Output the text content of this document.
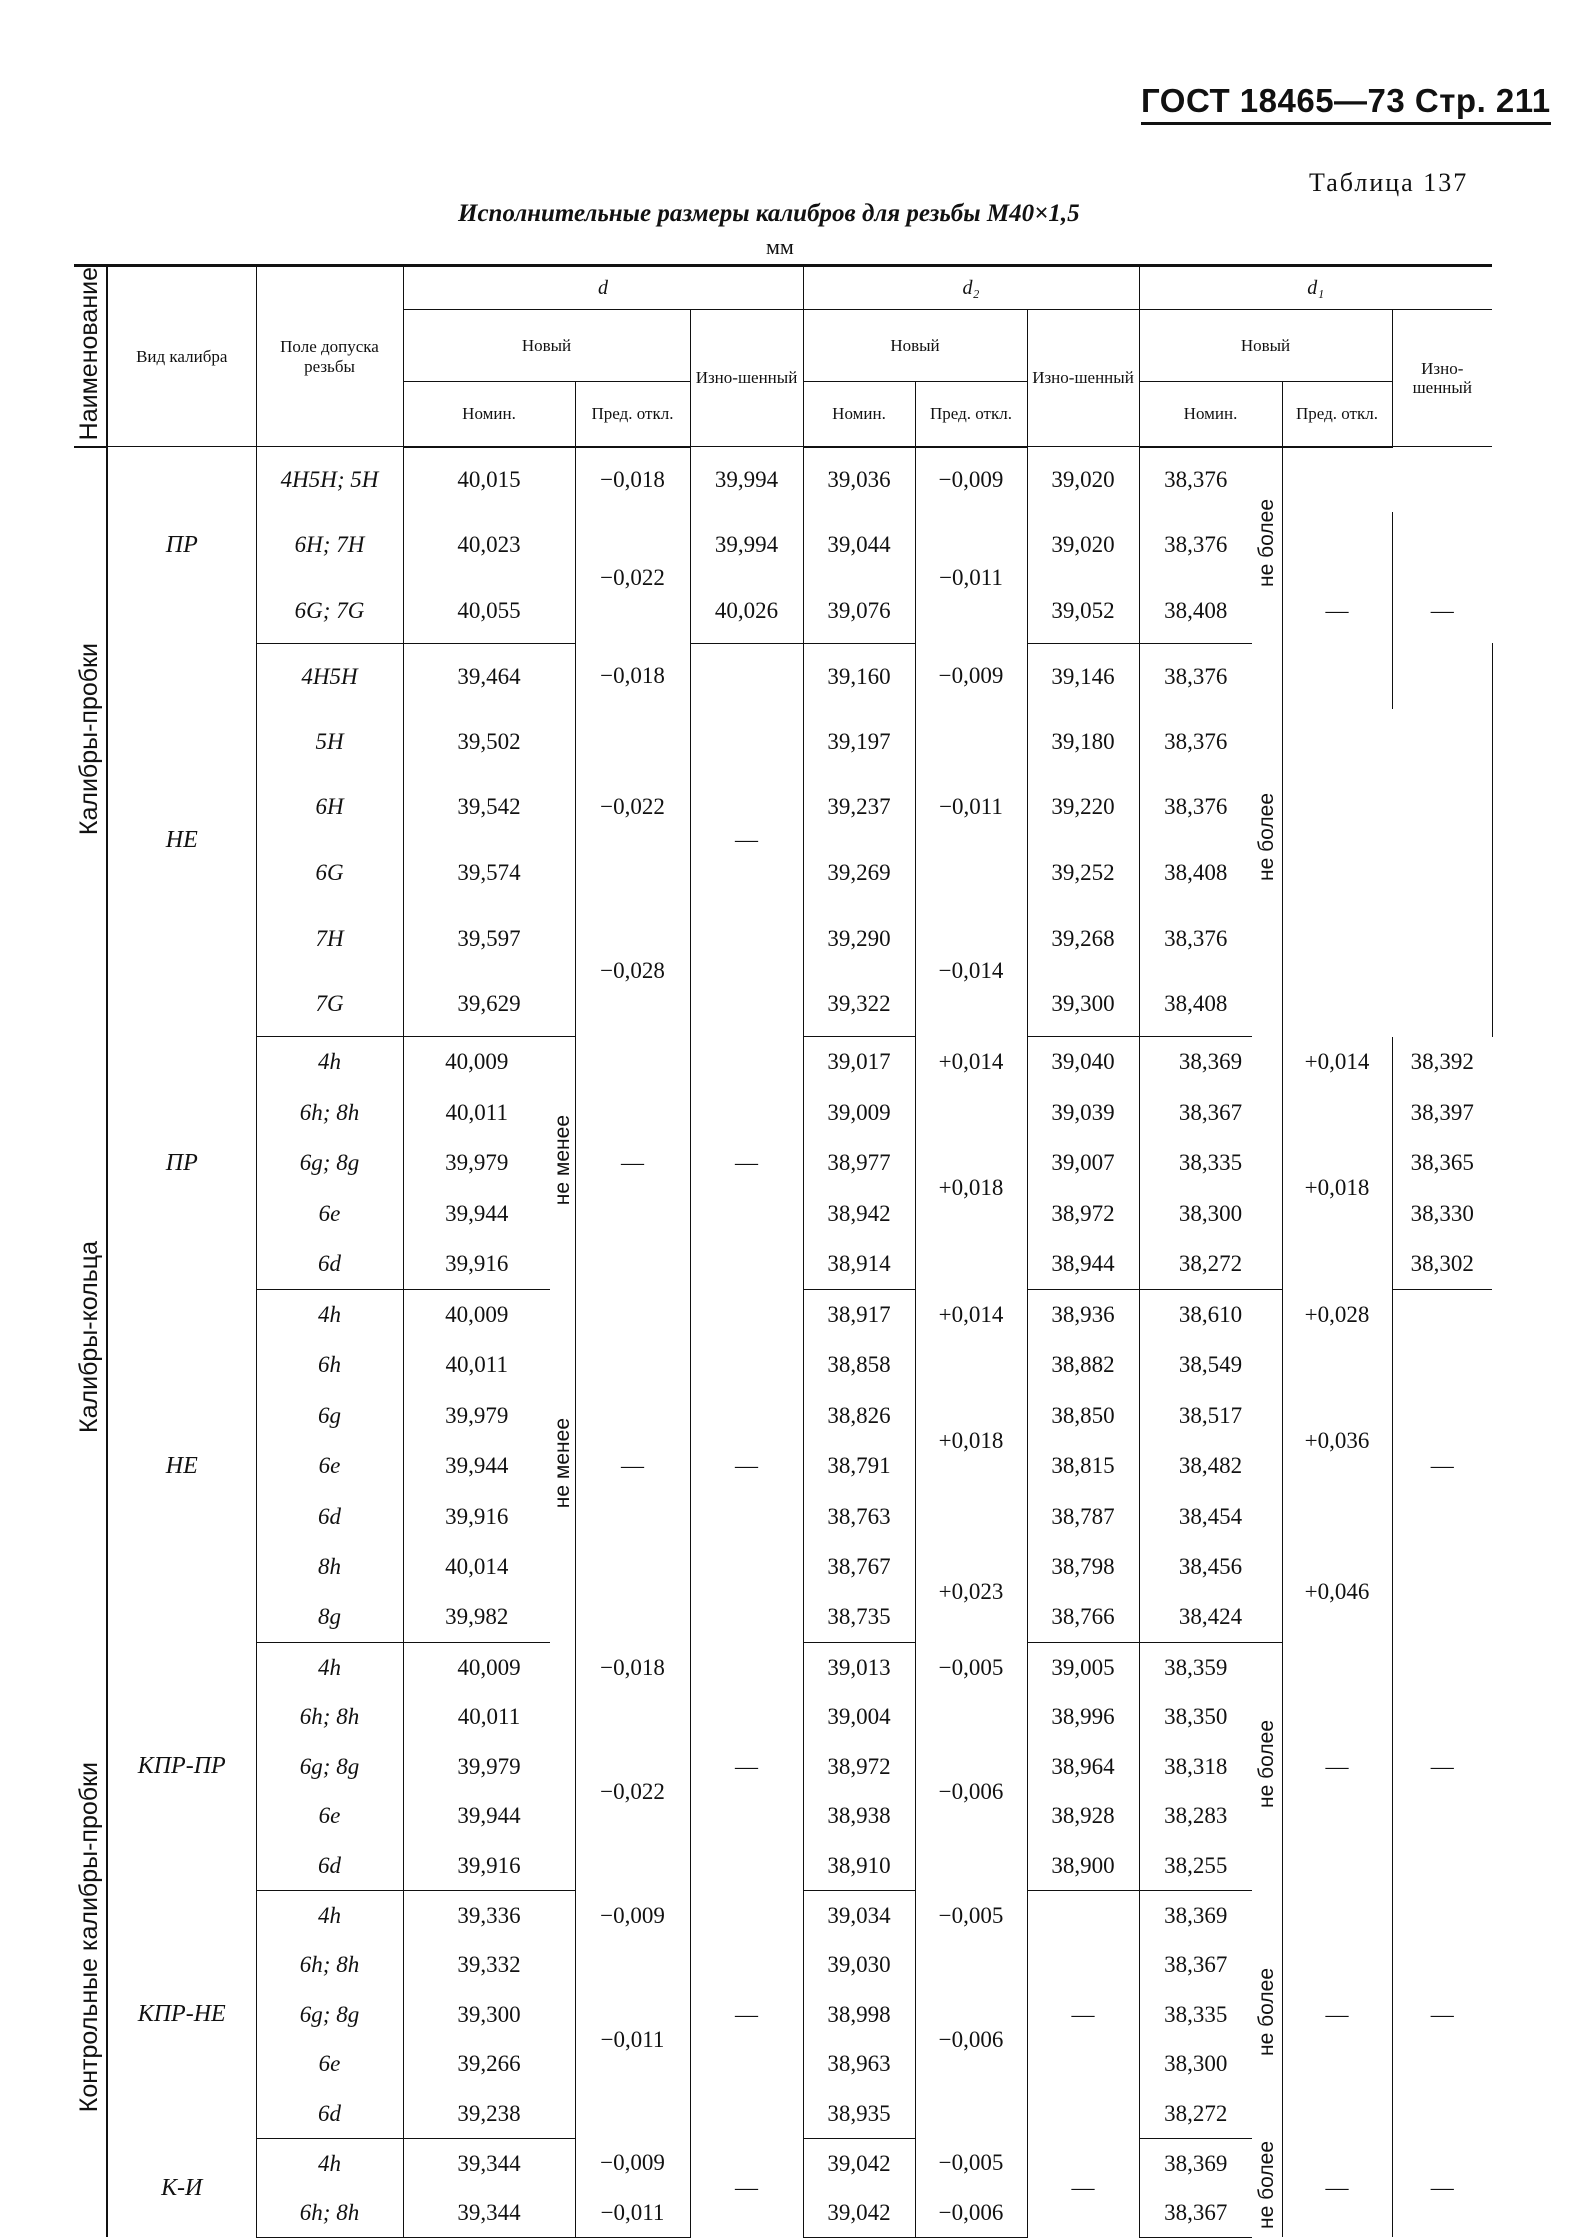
ГОСТ 18465—73 Стр. 211
Таблица 137
Исполнительные размеры калибров для резьбы М40×1,5
мм
Наименование	Вид калибра	Поле допуска резьбы	d				d₂			d₁				
			Новый			Изно-шенный	Новый		Изно-шенный	Новый			Изно-шенный	
			Номин.		Пред. откл.		Номин.	Пред. откл.		Номин.		Пред. откл.		
Калибры-пробки	ПР	4H5H; 5H	40,015		−0,018	39,994	39,036	−0,009	39,020	38,376	не более			
		6H; 7H	40,023		−0,022	39,994	39,044	−0,011	39,020	38,376		—	—	
		6G; 7G	40,055			40,026	39,076		39,052	38,408				
	НЕ	4H5H	39,464		−0,018	—	39,160	−0,009	39,146	38,376	не более		
		5H	39,502		−0,022		39,197	−0,011	39,180	38,376				
		6H	39,542				39,237		39,220	38,376				
		6G	39,574				39,269		39,252	38,408				
		7H	39,597		−0,028		39,290	−0,014	39,268	38,376				
		7G	39,629				39,322		39,300	38,408				
Калибры-кольца	ПР	4h	40,009	не менее	—	—	39,017	+0,014	39,040	38,369		+0,014	38,392	
		6h; 8h	40,011				39,009	+0,018	39,039	38,367		+0,018	38,397	
		6g; 8g	39,979				38,977		39,007	38,335			38,365	
		6e	39,944				38,942		38,972	38,300			38,330	
		6d	39,916				38,914		38,944	38,272			38,302	
	НЕ	4h	40,009	не менее	—	—	38,917	+0,014	38,936	38,610		+0,028	—	
		6h	40,011				38,858	+0,018	38,882	38,549		+0,036		
		6g	39,979				38,826		38,850	38,517				
		6e	39,944				38,791		38,815	38,482				
		6d	39,916				38,763		38,787	38,454				
		8h	40,014				38,767	+0,023	38,798	38,456		+0,046		
		8g	39,982				38,735		38,766	38,424				
Контрольные калибры-пробки	КПР-ПР	4h	40,009		−0,018	—	39,013	−0,005	39,005	38,359	не более	—	—	
		6h; 8h	40,011		−0,022		39,004	−0,006	38,996	38,350				
		6g; 8g	39,979				38,972		38,964	38,318				
		6e	39,944				38,938		38,928	38,283				
		6d	39,916				38,910		38,900	38,255				
	КПР-НЕ	4h	39,336		−0,009	—	39,034	−0,005	—	38,369	не более	—	—	
		6h; 8h	39,332		−0,011		39,030	−0,006		38,367				
		6g; 8g	39,300				38,998			38,335				
		6e	39,266				38,963			38,300				
		6d	39,238				38,935			38,272				
	К-И	4h	39,344		−0,009	—	39,042	−0,005	—	38,369	не более	—	—	
		6h; 8h	39,344		−0,011		39,042	−0,006		38,367				
